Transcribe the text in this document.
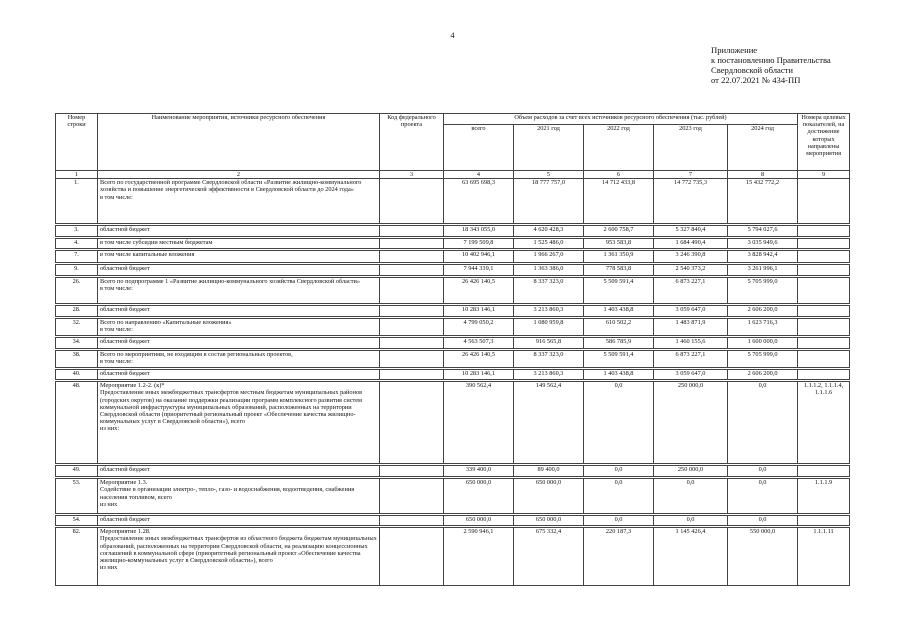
4
Приложение
к постановлению Правительства
Свердловской области
от 22.07.2021 № 434-ПП
Номер строки	Наименование мероприятия, источники ресурсного обеспечения	Код федерального проекта	Объем расходов за счет всех источников ресурсного обеспечения (тыс. рублей)					Номера целевых показателей, на достижение которых направлены мероприятия
			всего	2021 год	2022 год	2023 год	2024 год	
1	2	3	4	5	6	7	8	9
1.	Всего по государственной программе Свердловской области «Развитие жилищно-коммунального хозяйства и повышение энергетической эффективности в Свердловской области до 2024 года»
в том числе:		63 695 698,3	18 777 757,0	14 712 433,8	14 772 735,3	15 432 772,2	

3.	областной бюджет		18 343 055,0	4 620 428,3	2 600 758,7	5 327 840,4	5 794 027,6	

4.	в том числе субсидии местным бюджетам		7 199 509,8	1 525 486,0	953 583,8	1 684 490,4	3 035 949,6	

7.	в том числе капитальные вложения		10 402 946,1	1 966 267,0	1 361 350,9	3 246 390,8	3 828 942,4	

9.	областной бюджет		7 944 339,1	1 363 386,0	778 583,8	2 540 373,2	3 261 996,1	

26.	Всего по подпрограмме 1 «Развитие жилищно-коммунального хозяйства Свердловской области»
в том числе:		26 426 140,5	8 337 323,0	5 509 591,4	6 873 227,1	5 705 999,0	

28.	областной бюджет		10 283 146,1	3 213 860,3	1 403 438,8	3 059 647,0	2 606 200,0	

32.	Всего по направлению «Капитальные вложения»
в том числе:		4 799 050,2	1 080 959,8	610 502,2	1 483 871,9	1 623 716,3	

34.	областной бюджет		4 563 507,3	916 565,8	586 785,9	1 460 155,6	1 600 000,0	

38.	Всего по мероприятиям, не входящим в состав региональных проектов,
в том числе:		26 426 140,5	8 337 323,0	5 509 591,4	6 873 227,1	5 705 999,0	

40.	областной бюджет		10 283 146,1	3 213 860,3	1 403 438,8	3 059 647,0	2 606 200,0	

48.	Мероприятие 1.2-2. (к)*
Предоставление иных межбюджетных трансфертов местным бюджетам муниципальных районов (городских округов) на оказание поддержки реализации программ комплексного развития систем коммунальной инфраструктуры муниципальных образований, расположенных на территории Свердловской области (приоритетный региональный проект «Обеспечение качества жилищно-коммунальных услуг в Свердловской области»), всего
из них:		390 562,4	149 562,4	0,0	250 000,0	0,0	1.1.1.2, 1.1.1.4, 1.1.1.6

49.	областной бюджет		339 400,0	89 400,0	0,0	250 000,0	0,0	

53.	Мероприятие 1.3.
Содействие в организации электро-, тепло-, газо- и водоснабжения, водоотведения, снабжения населения топливом, всего
из них		650 000,0	650 000,0	0,0	0,0	0,0	1.1.1.9

54.	областной бюджет		650 000,0	650 000,0	0,0	0,0	0,0	

82.	Мероприятие 1.28.
Предоставление иных межбюджетных трансфертов из областного бюджета бюджетам муниципальных образований, расположенных на территории Свердловской области, на реализацию концессионных соглашений в коммунальной сфере (приоритетный региональный проект «Обеспечение качества жилищно-коммунальных услуг в Свердловской области»), всего
из них		2 590 946,1	675 332,4	220 187,3	1 145 426,4	550 000,0	1.1.1.11
